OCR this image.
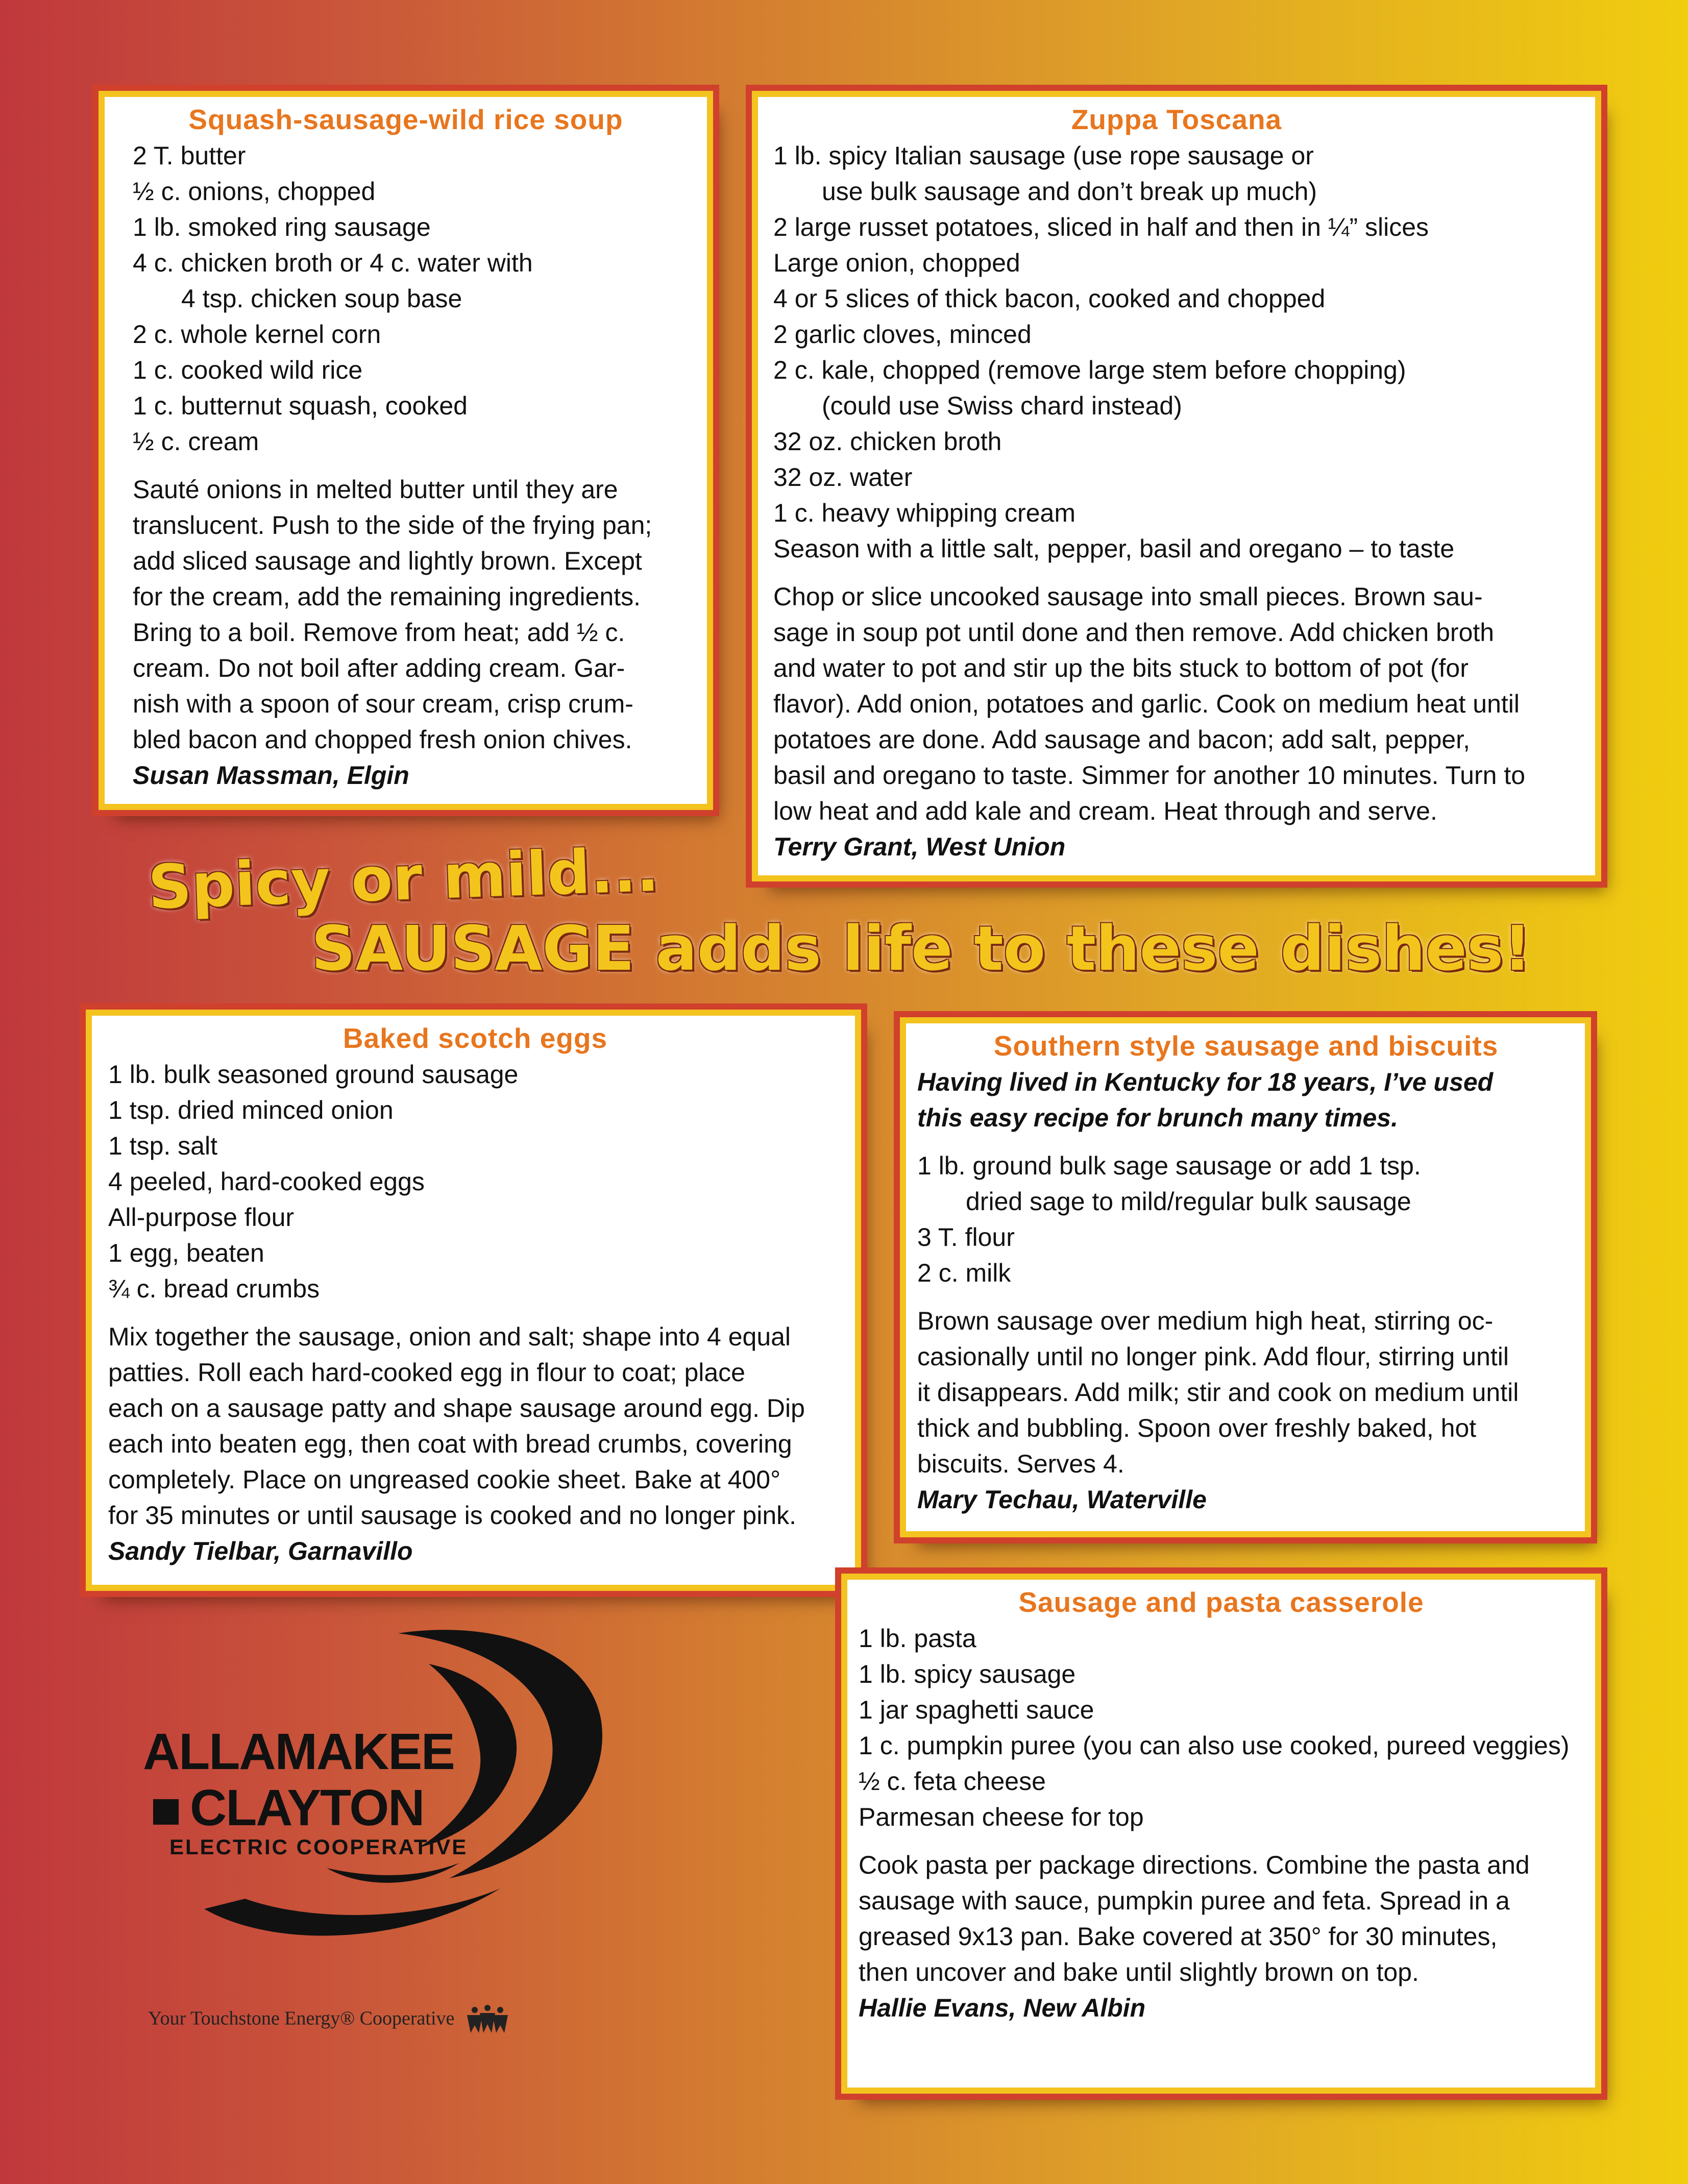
Squash-sausage-wild rice soup
2 T. butter
½ c. onions, chopped
1 lb. smoked ring sausage
4 c. chicken broth or 4 c. water with
4 tsp. chicken soup base
2 c. whole kernel corn
1 c. cooked wild rice
1 c. butternut squash, cooked
½ c. cream
Sauté onions in melted butter until they are
translucent. Push to the side of the frying pan;
add sliced sausage and lightly brown. Except
for the cream, add the remaining ingredients.
Bring to a boil. Remove from heat; add ½ c.
cream. Do not boil after adding cream. Gar-
nish with a spoon of sour cream, crisp crum-
bled bacon and chopped fresh onion chives.
Susan Massman, Elgin
Zuppa Toscana
1 lb. spicy Italian sausage (use rope sausage or
use bulk sausage and don’t break up much)
2 large russet potatoes, sliced in half and then in ¼” slices
Large onion, chopped
4 or 5 slices of thick bacon, cooked and chopped
2 garlic cloves, minced
2 c. kale, chopped (remove large stem before chopping)
(could use Swiss chard instead)
32 oz. chicken broth
32 oz. water
1 c. heavy whipping cream
Season with a little salt, pepper, basil and oregano – to taste
Chop or slice uncooked sausage into small pieces. Brown sau-
sage in soup pot until done and then remove. Add chicken broth
and water to pot and stir up the bits stuck to bottom of pot (for
flavor). Add onion, potatoes and garlic. Cook on medium heat until
potatoes are done. Add sausage and bacon; add salt, pepper,
basil and oregano to taste. Simmer for another 10 minutes. Turn to
low heat and add kale and cream. Heat through and serve.
Terry Grant, West Union
Spicy or mild...
SAUSAGE adds life to these dishes!
Baked scotch eggs
1 lb. bulk seasoned ground sausage
1 tsp. dried minced onion
1 tsp. salt
4 peeled, hard-cooked eggs
All-purpose flour
1 egg, beaten
¾ c. bread crumbs
Mix together the sausage, onion and salt; shape into 4 equal
patties. Roll each hard-cooked egg in flour to coat; place
each on a sausage patty and shape sausage around egg. Dip
each into beaten egg, then coat with bread crumbs, covering
completely. Place on ungreased cookie sheet. Bake at 400°
for 35 minutes or until sausage is cooked and no longer pink.
Sandy Tielbar, Garnavillo
Southern style sausage and biscuits
Having lived in Kentucky for 18 years, I’ve used
this easy recipe for brunch many times.
1 lb. ground bulk sage sausage or add 1 tsp.
dried sage to mild/regular bulk sausage
3 T. flour
2 c. milk
Brown sausage over medium high heat, stirring oc-
casionally until no longer pink. Add flour, stirring until
it disappears. Add milk; stir and cook on medium until
thick and bubbling. Spoon over freshly baked, hot
biscuits. Serves 4.
Mary Techau, Waterville
Sausage and pasta casserole
1 lb. pasta
1 lb. spicy sausage
1 jar spaghetti sauce
1 c. pumpkin puree (you can also use cooked, pureed veggies)
½ c. feta cheese
Parmesan cheese for top
Cook pasta per package directions. Combine the pasta and
sausage with sauce, pumpkin puree and feta. Spread in a
greased 9x13 pan. Bake covered at 350° for 30 minutes,
then uncover and bake until slightly brown on top.
Hallie Evans, New Albin
ALLAMAKEE
CLAYTON
ELECTRIC COOPERATIVE
Your Touchstone Energy® Cooperative
